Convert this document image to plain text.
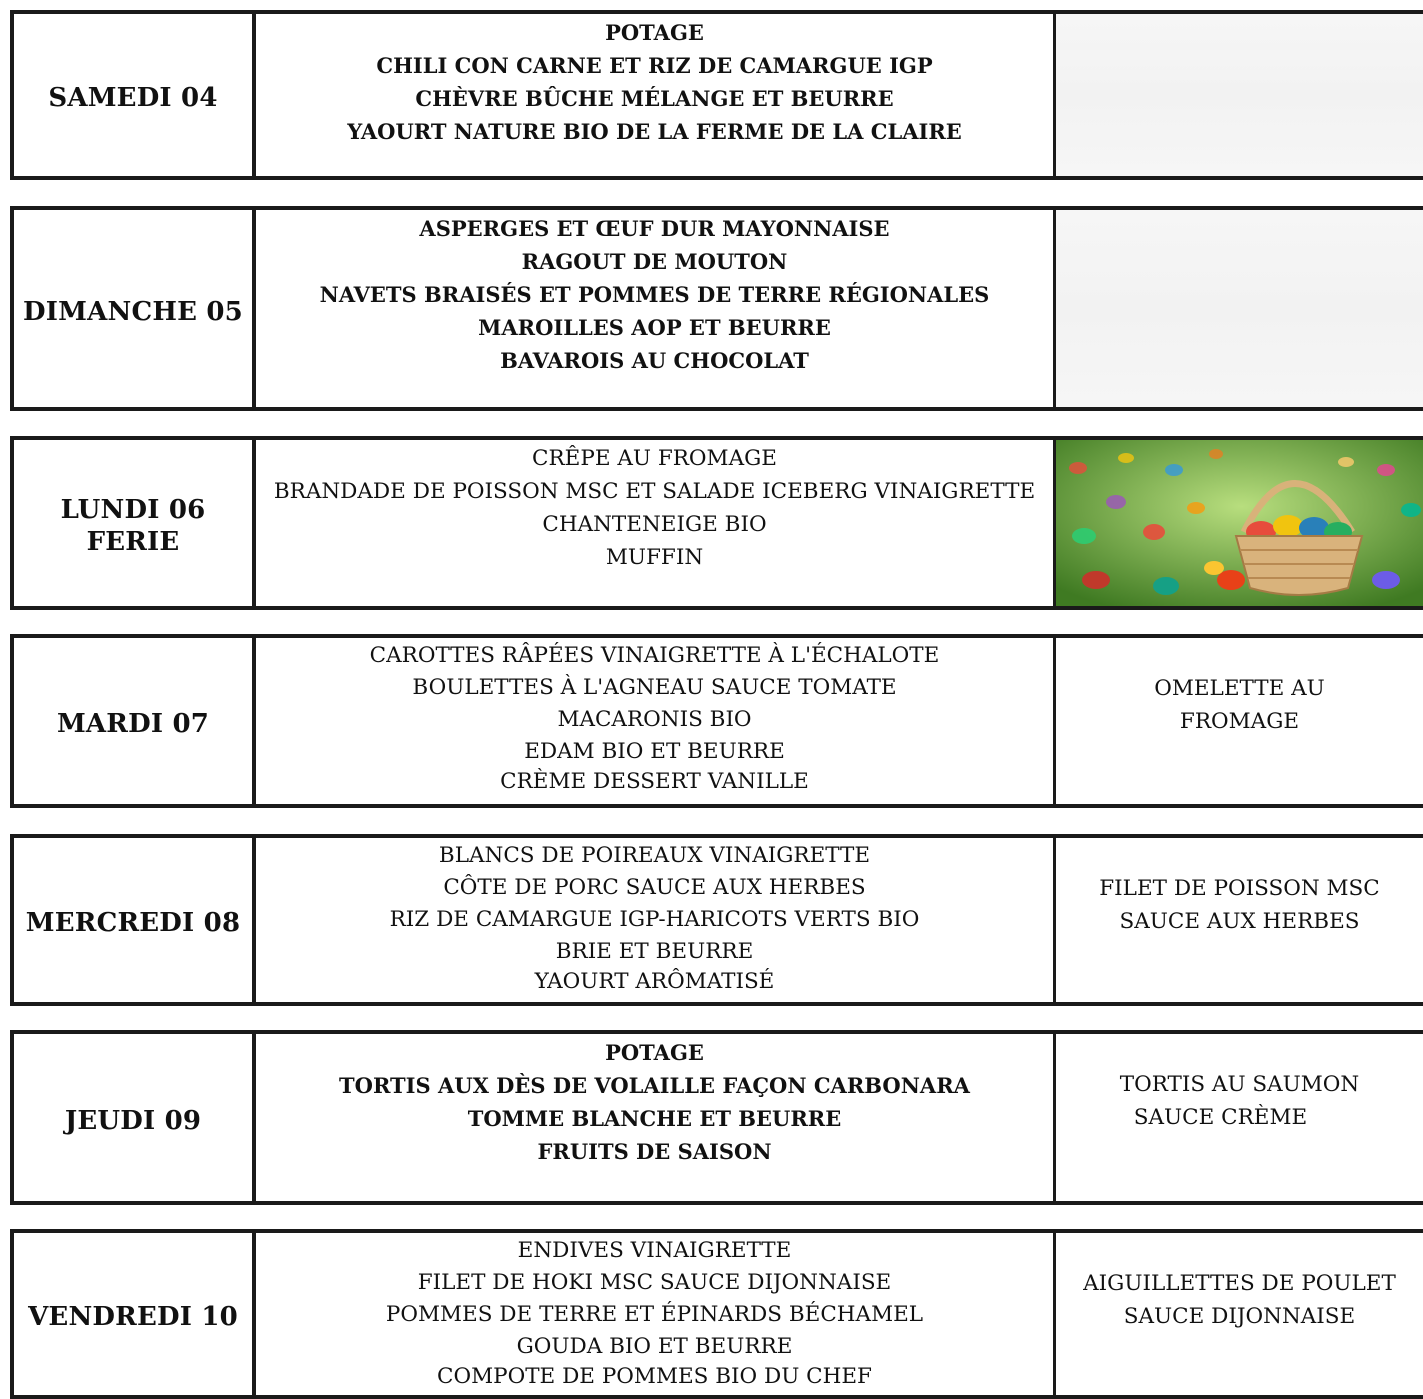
SAMEDI 04
POTAGE
CHILI CON CARNE ET RIZ DE CAMARGUE IGP
CHÈVRE BÛCHE MÉLANGE ET BEURRE
YAOURT NATURE BIO DE LA FERME DE LA CLAIRE
DIMANCHE 05
ASPERGES ET ŒUF DUR MAYONNAISE
RAGOUT DE MOUTON
NAVETS BRAISÉS ET POMMES DE TERRE RÉGIONALES
MAROILLES AOP ET BEURRE
BAVAROIS AU CHOCOLAT
LUNDI 06
FERIE
CRÊPE AU FROMAGE
BRANDADE DE POISSON MSC ET SALADE ICEBERG VINAIGRETTE
CHANTENEIGE BIO
MUFFIN
MARDI 07
CAROTTES RÂPÉES VINAIGRETTE À L'ÉCHALOTE
BOULETTES À L'AGNEAU SAUCE TOMATE
MACARONIS BIO
EDAM BIO ET BEURRE
CRÈME DESSERT VANILLE
OMELETTE AU
FROMAGE
MERCREDI 08
BLANCS DE POIREAUX VINAIGRETTE
CÔTE DE PORC SAUCE AUX HERBES
RIZ DE CAMARGUE IGP-HARICOTS VERTS BIO
BRIE ET BEURRE
YAOURT ARÔMATISÉ
FILET DE POISSON MSC
SAUCE AUX HERBES
JEUDI 09
POTAGE
TORTIS AUX DÈS DE VOLAILLE FAÇON CARBONARA
TOMME BLANCHE ET BEURRE
FRUITS DE SAISON
TORTIS AU SAUMON
SAUCE CRÈME
VENDREDI 10
ENDIVES VINAIGRETTE
FILET DE HOKI MSC SAUCE DIJONNAISE
POMMES DE TERRE ET ÉPINARDS BÉCHAMEL
GOUDA BIO ET BEURRE
COMPOTE DE POMMES BIO DU CHEF
AIGUILLETTES DE POULET
SAUCE DIJONNAISE
